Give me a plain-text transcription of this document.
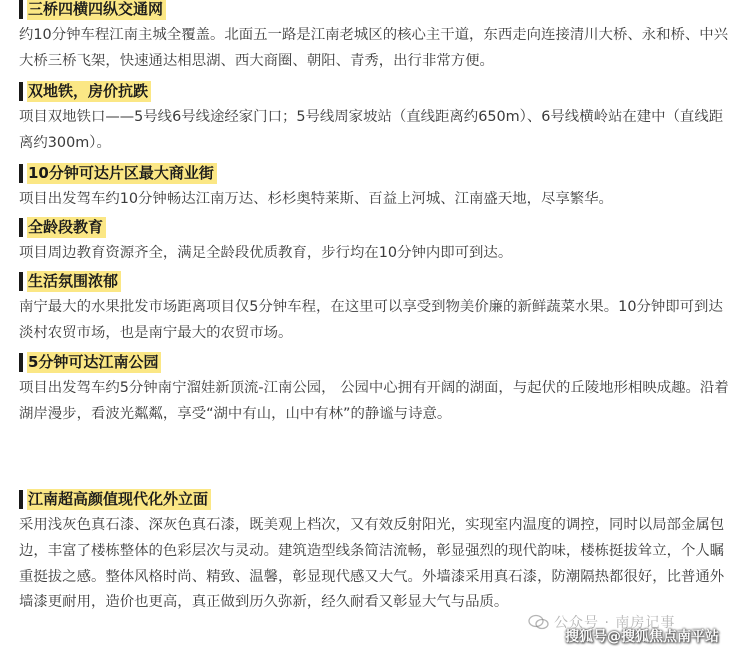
三桥四横四纵交通网

约10分钟车程江南主城全覆盖。北面五一路是江南老城区的核心主干道，东西走向连接清川大桥、永和桥、中兴大桥三桥飞架，快速通达相思湖、西大商圈、朝阳、青秀，出行非常方便。

双地铁，房价抗跌

项目双地铁口——5号线6号线途经家门口；5号线周家坡站（直线距离约650m）、6号线横岭站在建中（直线距离约300m）。

10分钟可达片区最大商业街

项目出发驾车约10分钟畅达江南万达、杉杉奥特莱斯、百益上河城、江南盛天地，尽享繁华。

全龄段教育

项目周边教育资源齐全，满足全龄段优质教育，步行均在10分钟内即可到达。

生活氛围浓郁

南宁最大的水果批发市场距离项目仅5分钟车程，在这里可以享受到物美价廉的新鲜蔬菜水果。10分钟即可到达淡村农贸市场，也是南宁最大的农贸市场。

5分钟可达江南公园

项目出发驾车约5分钟南宁溜娃新顶流-江南公园， 公园中心拥有开阔的湖面，与起伏的丘陵地形相映成趣。沿着湖岸漫步，看波光粼粼，享受“湖中有山，山中有林”的静谧与诗意。

江南超高颜值现代化外立面

采用浅灰色真石漆、深灰色真石漆，既美观上档次，又有效反射阳光，实现室内温度的调控，同时以局部金属包边，丰富了楼栋整体的色彩层次与灵动。建筑造型线条简洁流畅，彰显强烈的现代韵味，楼栋挺拔耸立，个人瞩重挺拔之感。整体风格时尚、精致、温馨，彰显现代感又大气。外墙漆采用真石漆，防潮隔热都很好，比普通外墙漆更耐用，造价也更高，真正做到历久弥新，经久耐看又彰显大气与品质。

公众号 · 南房记事
搜狐号@搜狐焦点南平站
